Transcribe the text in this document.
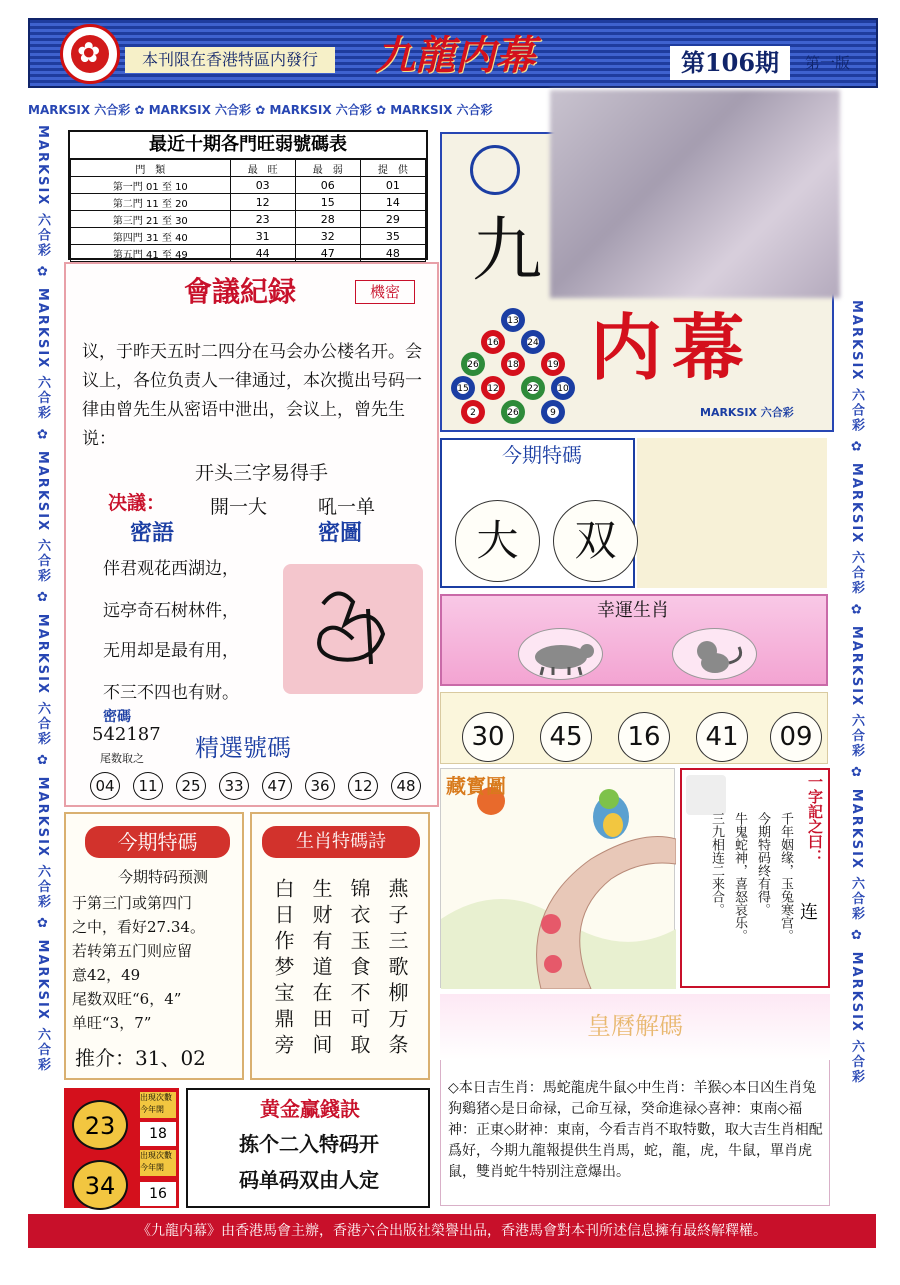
✿
本刊限在香港特區内發行	九龍内幕	第106期	第一版
MARKSIX 六合彩 ✿ MARKSIX 六合彩 ✿ MARKSIX 六合彩 ✿ MARKSIX 六合彩
MARKSIX 六合彩 ✿ MARKSIX 六合彩 ✿ MARKSIX 六合彩 ✿ MARKSIX 六合彩 ✿ MARKSIX 六合彩 ✿ MARKSIX 六合彩
MARKSIX 六合彩 ✿ MARKSIX 六合彩 ✿ MARKSIX 六合彩 ✿ MARKSIX 六合彩 ✿ MARKSIX 六合彩
最近十期各門旺弱號碼表
門　類	最　旺	最　弱	提　供
第一門 01 至 10	03	06	01
第二門 11 至 20	12	15	14
第三門 21 至 30	23	28	29
第四門 31 至 40	31	32	35
第五門 41 至 49	44	47	48
會議紀録	機密
议，于昨天五时二四分在马会办公楼名开。会议上，各位负责人一律通过，本次揽出号码一律由曾先生从密语中泄出，会议上，曾先生说：
开头三字易得手
决議：	開一大	吼一单
密語	密圖
伴君观花西湖边，
远亭奇石树林件，
无用却是最有用，
不三不四也有财。
密碼
542187
尾数取之	精選號碼
04	11	25	33	47	36	12	48
九
内幕
MARKSIX 六合彩
13
16	24
26	18	19
15 12	22 10
2	26	9
今期特碼
大	双
幸運生肖
30	45	16	41	09
藏寳圖	一字記之曰：
连
千年姻缘，玉兔寒宫。
今期特码终有得。
牛鬼蛇神，喜怒哀乐。
三九相连二来合。
皇曆解碼
◇本日吉生肖：馬蛇龍虎牛鼠◇中生肖：羊猴◇本日凶生肖兔狗鷄猪◇是日命禄，己命互禄，癸命進禄◇喜神：東南◇福神：正東◇財神：東南，今看吉肖不取特數，取大吉生肖相配爲好，今期九龍報提供生肖馬，蛇，龍，虎，牛鼠，單肖虎鼠，雙肖蛇牛特别注意爆出。
今期特碼
今期特码预测
于第三门或第四门
之中，看好27.34。
若转第五门则应留
意42，49
尾数双旺“6，4”
单旺“3，7”
推介：31、02
生肖特碼詩
燕子三歌柳万条
锦衣玉食不可取
生财有道在田间
白日作梦宝鼎旁
23
出現次數 今年開
18
34
出現次數 今年開
16
黄金赢錢訣
拣个二入特码开
码单码双由人定
《九龍内幕》由香港馬會主辦，香港六合出版社榮譽出品，香港馬會對本刊所述信息擁有最終解釋權。
